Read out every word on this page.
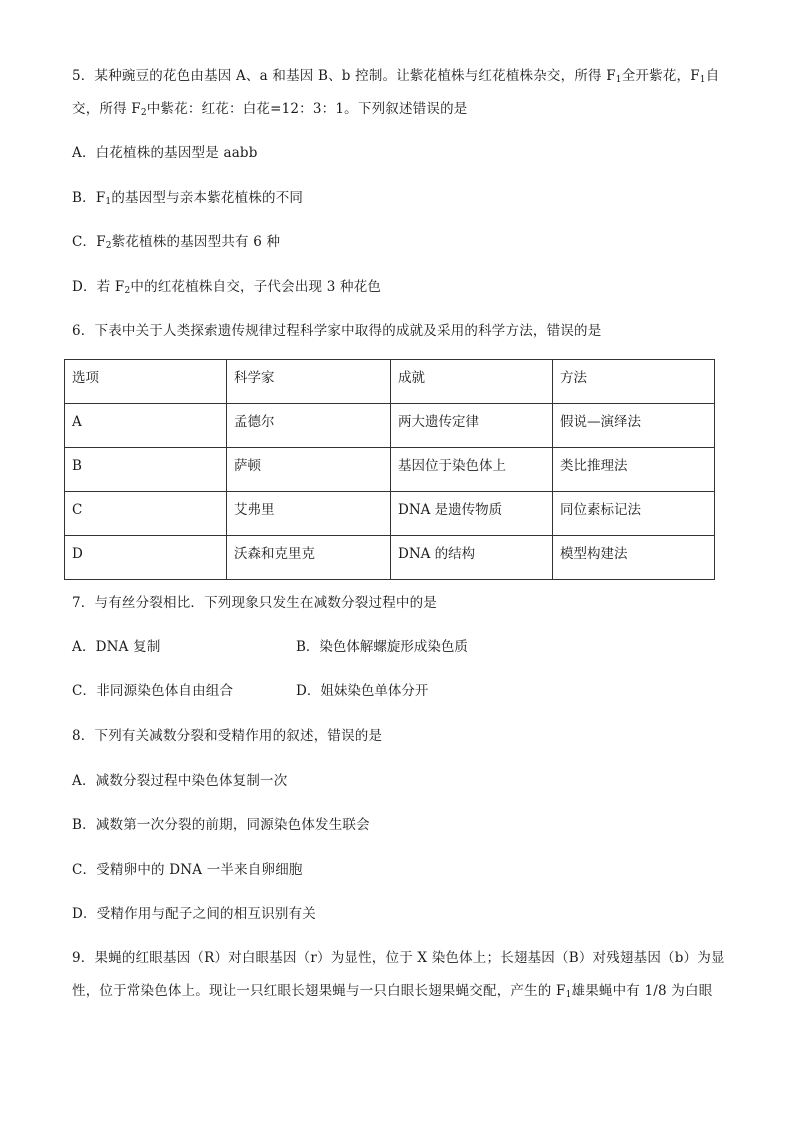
5．某种豌豆的花色由基因 A、a 和基因 B、b 控制。让紫花植株与红花植株杂交，所得 $F_1$全开紫花，$F_1$自
交，所得 $F_2$中紫花：红花：白花=12：3：1。下列叙述错误的是
A．白花植株的基因型是 aabb
B．$F_1$的基因型与亲本紫花植株的不同
C．$F_2$紫花植株的基因型共有 6 种
D．若 $F_2$中的红花植株自交，子代会出现 3 种花色
6．下表中关于人类探索遗传规律过程科学家中取得的成就及采用的科学方法，错误的是
选项	科学家	成就	方法
A	孟德尔	两大遗传定律	假说—演绎法
B	萨顿	基因位于染色体上	类比推理法
C	艾弗里	DNA 是遗传物质	同位素标记法
D	沃森和克里克	DNA 的结构	模型构建法
7．与有丝分裂相比．下列现象只发生在减数分裂过程中的是
A．DNA 复制	B．染色体解螺旋形成染色质
C．非同源染色体自由组合	D．姐妹染色单体分开
8．下列有关减数分裂和受精作用的叙述，错误的是
A．减数分裂过程中染色体复制一次
B．减数第一次分裂的前期，同源染色体发生联会
C．受精卵中的 DNA 一半来自卵细胞
D．受精作用与配子之间的相互识别有关
9．果蝇的红眼基因（R）对白眼基因（r）为显性，位于 X 染色体上；长翅基因（B）对残翅基因（b）为显
性，位于常染色体上。现让一只红眼长翅果蝇与一只白眼长翅果蝇交配，产生的 $F_1$雄果蝇中有 1/8 为白眼
